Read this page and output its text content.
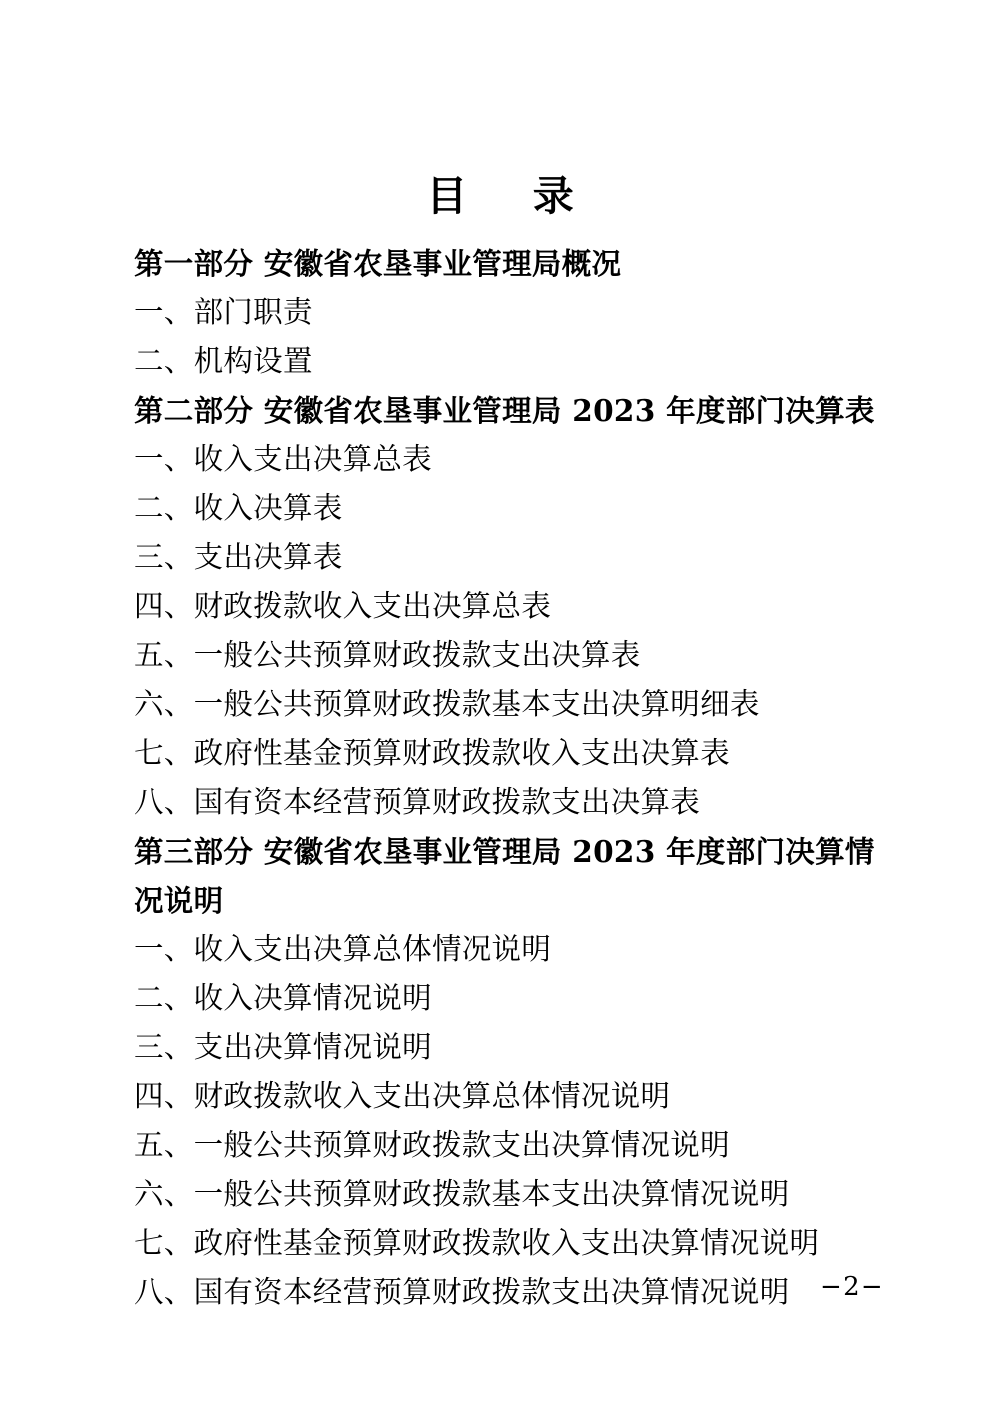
目　录
第一部分 安徽省农垦事业管理局概况
一、部门职责
二、机构设置
第二部分 安徽省农垦事业管理局 2023 年度部门决算表
一、收入支出决算总表
二、收入决算表
三、支出决算表
四、财政拨款收入支出决算总表
五、一般公共预算财政拨款支出决算表
六、一般公共预算财政拨款基本支出决算明细表
七、政府性基金预算财政拨款收入支出决算表
八、国有资本经营预算财政拨款支出决算表
第三部分 安徽省农垦事业管理局 2023 年度部门决算情
况说明
一、收入支出决算总体情况说明
二、收入决算情况说明
三、支出决算情况说明
四、财政拨款收入支出决算总体情况说明
五、一般公共预算财政拨款支出决算情况说明
六、一般公共预算财政拨款基本支出决算情况说明
七、政府性基金预算财政拨款收入支出决算情况说明
八、国有资本经营预算财政拨款支出决算情况说明	−2−
